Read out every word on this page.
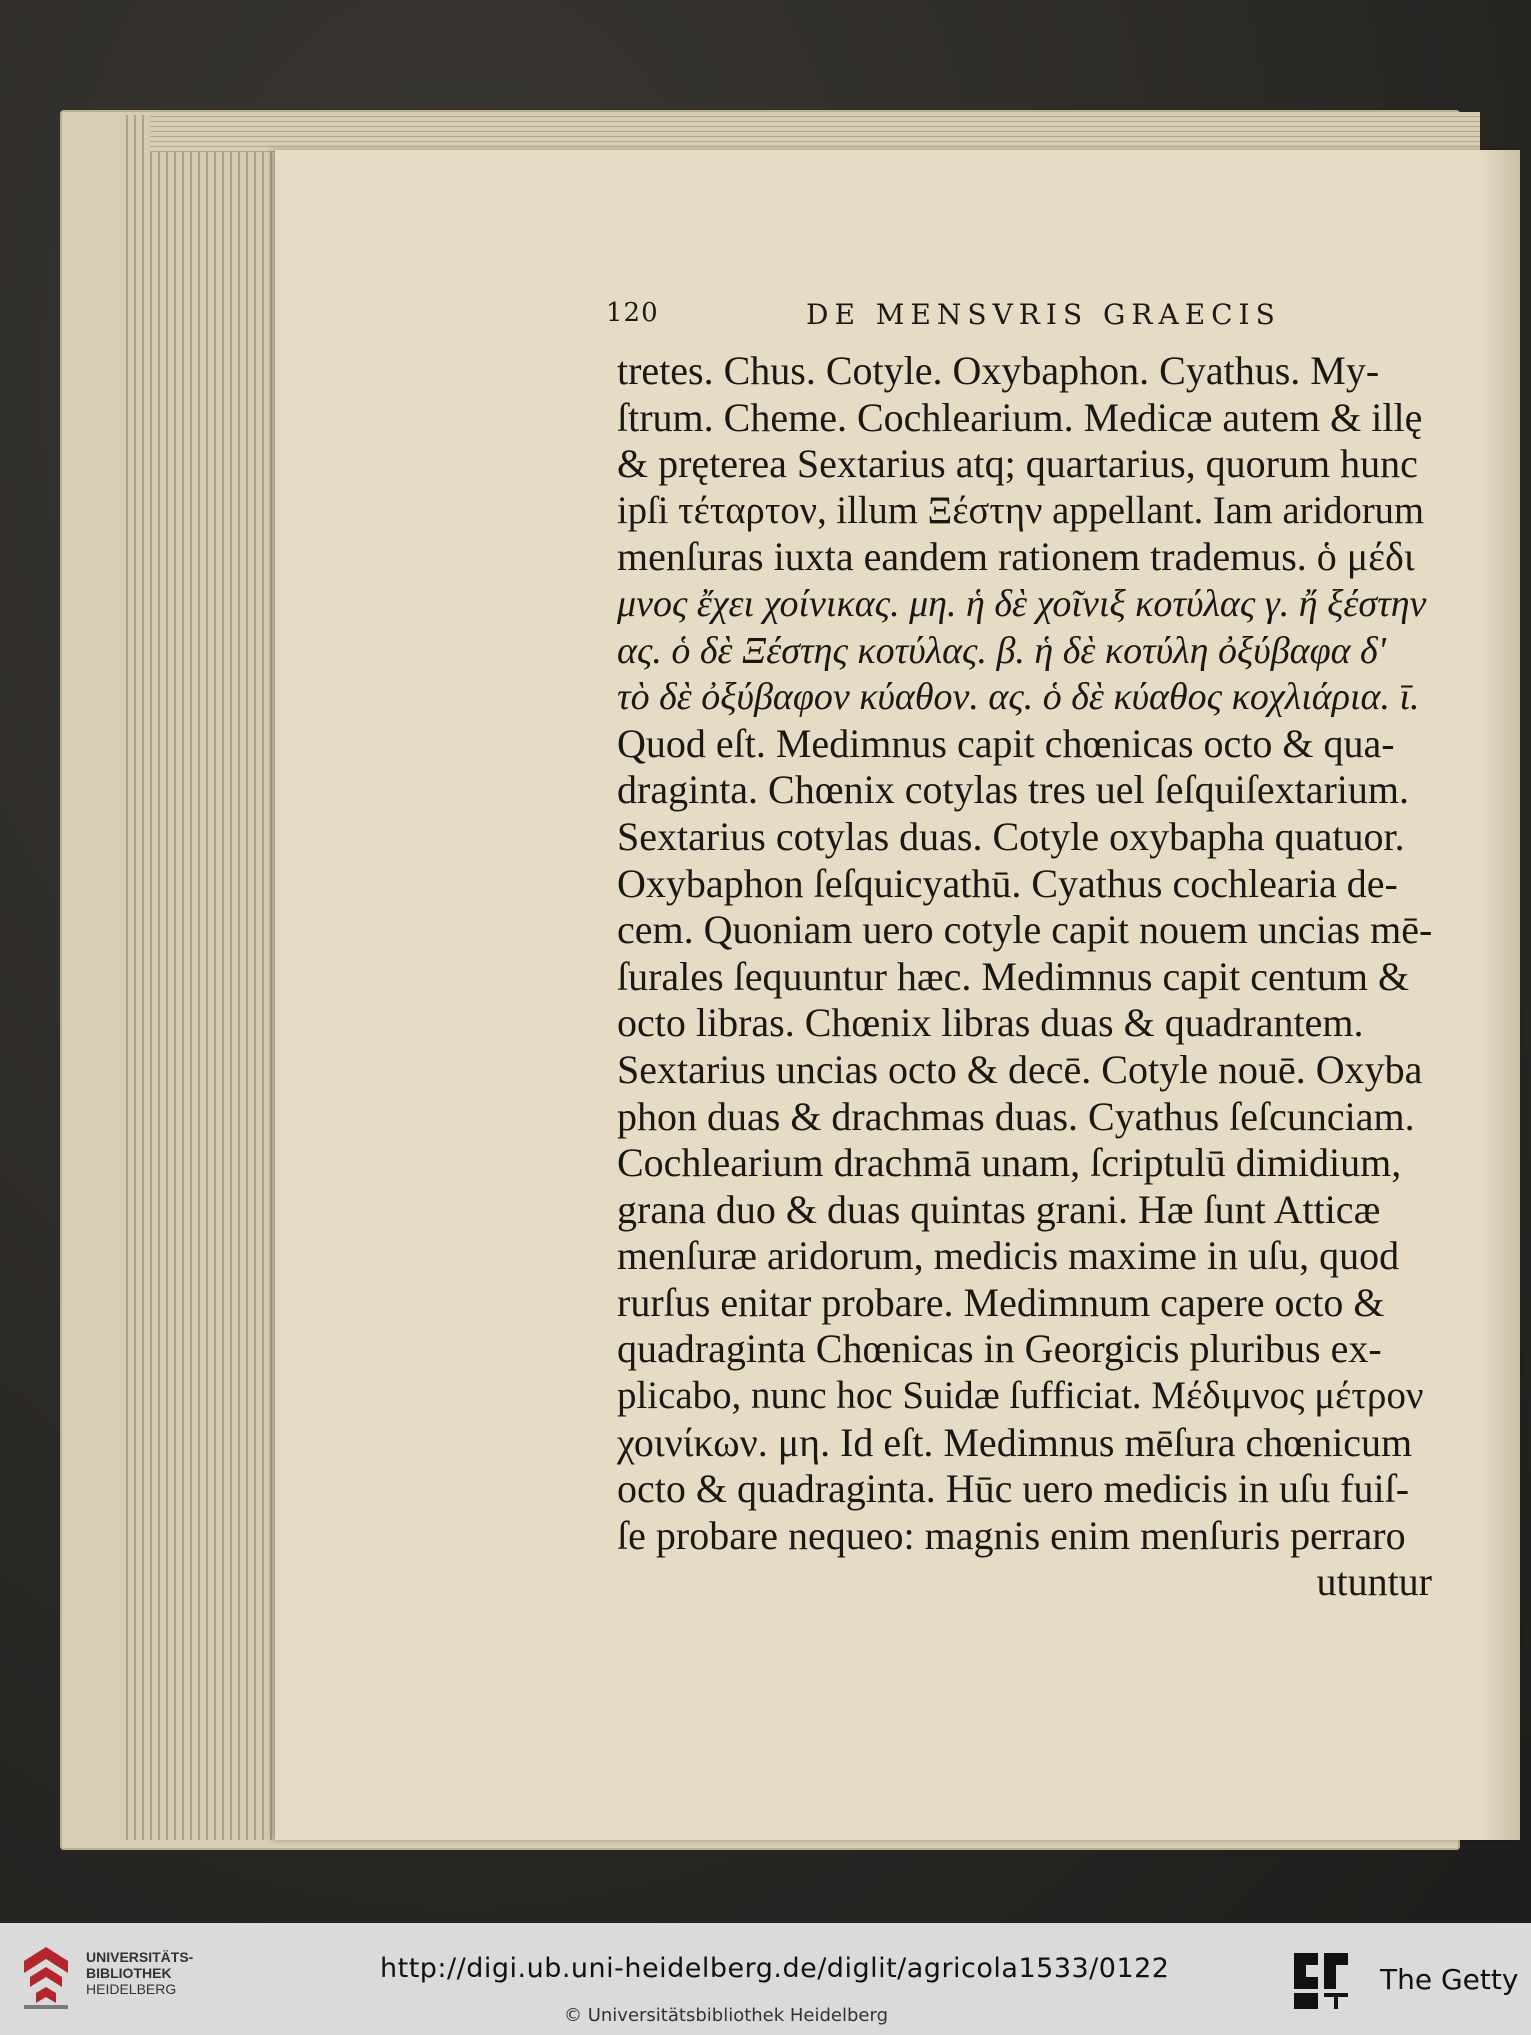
120	DE MENSVRIS GRAECIS
tretes. Chus. Cotyle. Oxybaphon. Cyathus. My-
ſtrum. Cheme. Cochlearium. Medicæ autem & illę
& pręterea Sextarius atq; quartarius, quorum hunc
ipſi τέταρτον, illum Ξέστην appellant. Iam aridorum
menſuras iuxta eandem rationem trademus. ὁ μέδι
μνος ἔχει χοίνικας. μη. ἡ δὲ χοῖνιξ κοτύλας γ. ἤ ξέστην
ας. ὁ δὲ Ξέστης κοτύλας. β. ἡ δὲ κοτύλη ὀξύβαφα δ'
τὸ δὲ ὀξύβαφον κύαθον. ας. ὁ δὲ κύαθος κοχλιάρια. ῑ.
Quod eſt. Medimnus capit chœnicas octo & qua-
draginta. Chœnix cotylas tres uel ſeſquiſextarium.
Sextarius cotylas duas. Cotyle oxybapha quatuor.
Oxybaphon ſeſquicyathū. Cyathus cochlearia de-
cem. Quoniam uero cotyle capit nouem uncias mē-
ſurales ſequuntur hæc. Medimnus capit centum &
octo libras. Chœnix libras duas & quadrantem.
Sextarius uncias octo & decē. Cotyle nouē. Oxyba
phon duas & drachmas duas. Cyathus ſeſcunciam.
Cochlearium drachmā unam, ſcriptulū dimidium,
grana duo & duas quintas grani. Hæ ſunt Atticæ
menſuræ aridorum, medicis maxime in uſu, quod
rurſus enitar probare. Medimnum capere octo &
quadraginta Chœnicas in Georgicis pluribus ex-
plicabo, nunc hoc Suidæ ſufficiat. Μέδιμνος μέτρον
χοινίκων. μη. Id eſt. Medimnus mēſura chœnicum
octo & quadraginta. Hūc uero medicis in uſu fuiſ-
ſe probare nequeo: magnis enim menſuris perraro
utuntur
UNIVERSITÄTS-
BIBLIOTHEK
HEIDELBERG
http://digi.ub.uni-heidelberg.de/diglit/agricola1533/0122
© Universitätsbibliothek Heidelberg
The Getty
